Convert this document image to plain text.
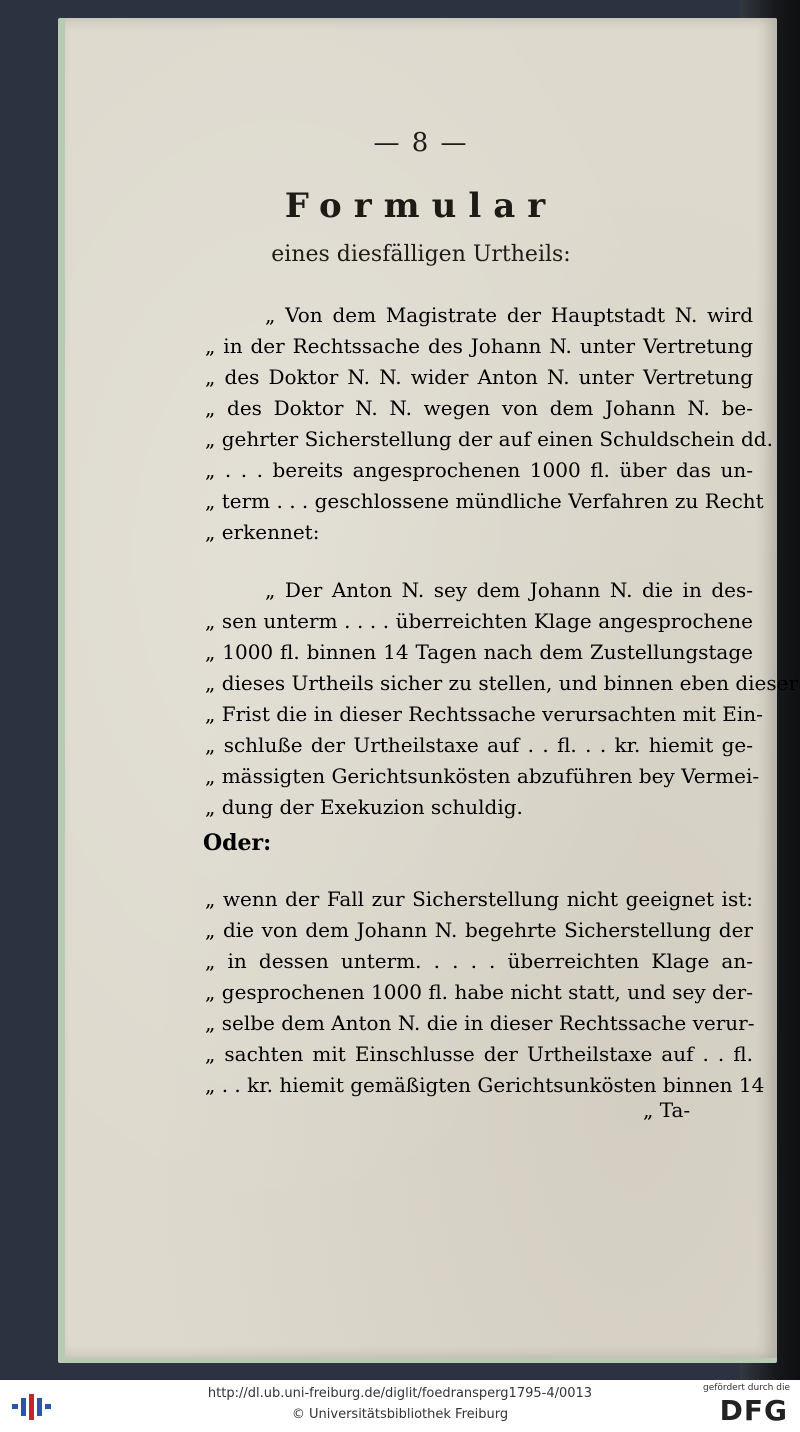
— 8 —
Formular
eines diesfälligen Urtheils:
„ Von dem Magistrate der Hauptstadt N. wird
„ in der Rechtssache des Johann N. unter Vertretung
„ des Doktor N. N. wider Anton N. unter Vertretung
„ des Doktor N. N. wegen von dem Johann N. be-
„ gehrter Sicherstellung der auf einen Schuldschein dd.
„ . . . bereits angesprochenen 1000 fl. über das un-
„ term . . . geschlossene mündliche Verfahren zu Recht
„ erkennet:
„ Der Anton N. sey dem Johann N. die in des-
„ sen unterm . . . . überreichten Klage angesprochene
„ 1000 fl. binnen 14 Tagen nach dem Zustellungstage
„ dieses Urtheils sicher zu stellen, und binnen eben dieser
„ Frist die in dieser Rechtssache verursachten mit Ein-
„ schluße der Urtheilstaxe auf . . fl. . . kr. hiemit ge-
„ mässigten Gerichtsunkösten abzuführen bey Vermei-
„ dung der Exekuzion schuldig.
Oder:
„ wenn der Fall zur Sicherstellung nicht geeignet ist:
„ die von dem Johann N. begehrte Sicherstellung der
„ in dessen unterm. . . . . überreichten Klage an-
„ gesprochenen 1000 fl. habe nicht statt, und sey der-
„ selbe dem Anton N. die in dieser Rechtssache verur-
„ sachten mit Einschlusse der Urtheilstaxe auf . . fl.
„ . . kr. hiemit gemäßigten Gerichtsunkösten binnen 14
„ Ta-
http://dl.ub.uni-freiburg.de/diglit/foedransperg1795-4/0013
© Universitätsbibliothek Freiburg
gefördert durch die
DFG
